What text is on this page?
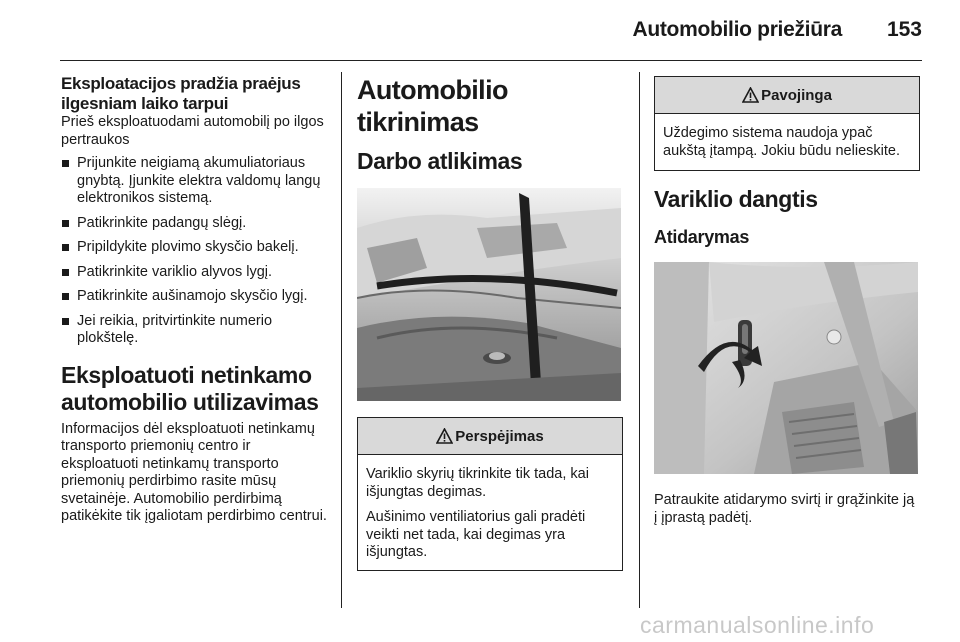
Automobilio priežiūra 153
Eksploatacijos pradžia praėjus ilgesniam laiko tarpui

Prieš eksploatuodami automobilį po ilgos pertraukos

Prijunkite neigiamą akumuliatoriaus gnybtą. Įjunkite elektra valdomų langų elektronikos sistemą.
Patikrinkite padangų slėgį.
Pripildykite plovimo skysčio bakelį.
Patikrinkite variklio alyvos lygį.
Patikrinkite aušinamojo skysčio lygį.
Jei reikia, pritvirtinkite numerio plokštelę.
Eksploatuoti netinkamo automobilio utilizavimas

Informacijos dėl eksploatuoti netinkamų transporto priemonių centro ir eksploatuoti netinkamų transporto priemonių perdirbimo rasite mūsų svetainėje. Automobilio perdirbimą patikėkite tik įgaliotam perdirbimo centrui.

Automobilio tikrinimas
Darbo atlikimas
Perspėjimas

Variklio skyrių tikrinkite tik tada, kai išjungtas degimas.

Aušinimo ventiliatorius gali pradėti veikti net tada, kai degimas yra išjungtas.

Pavojinga

Uždegimo sistema naudoja ypač aukštą įtampą. Jokiu būdu nelieskite.

Variklio dangtis
Atidarymas

Patraukite atidarymo svirtį ir grąžinkite ją į įprastą padėtį.

carmanualsonline.info
